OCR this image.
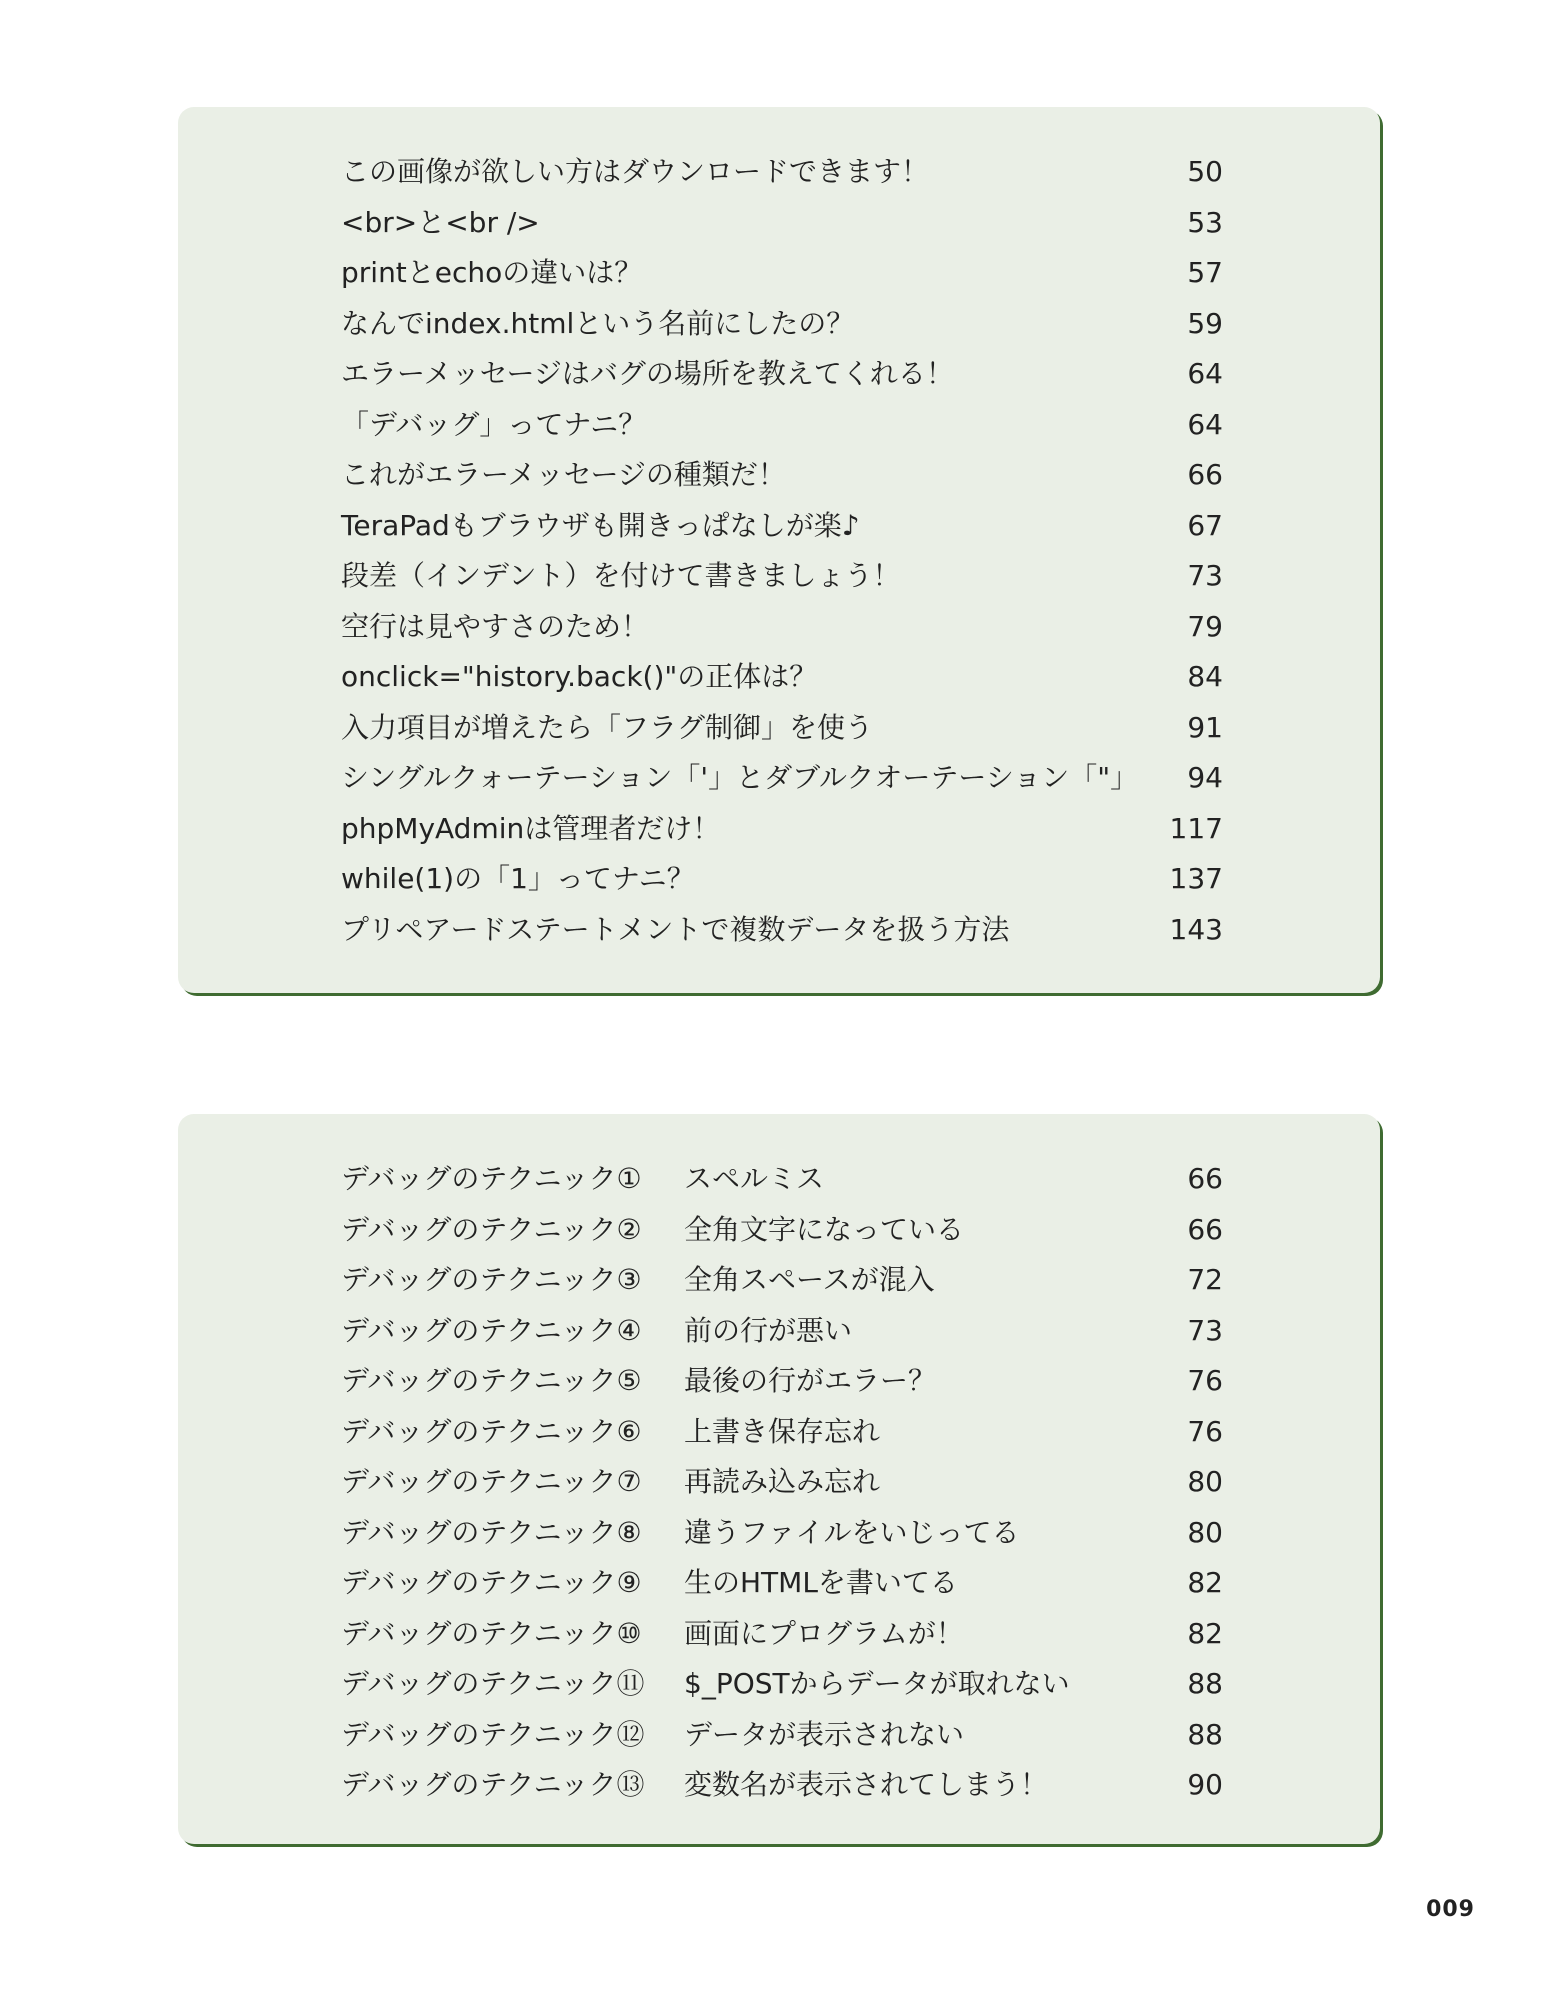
この画像が欲しい方はダウンロードできます！	50
<br>と<br />	53
printとechoの違いは？	57
なんでindex.htmlという名前にしたの？	59
エラーメッセージはバグの場所を教えてくれる！	64
「デバッグ」ってナニ？	64
これがエラーメッセージの種類だ！	66
TeraPadもブラウザも開きっぱなしが楽♪	67
段差（インデント）を付けて書きましょう！	73
空行は見やすさのため！	79
onclick="history.back()"の正体は？	84
入力項目が増えたら「フラグ制御」を使う	91
シングルクォーテーション「'」とダブルクオーテーション「"」 94
phpMyAdminは管理者だけ！	117
while(1)の「1」ってナニ？	137
プリペアードステートメントで複数データを扱う方法	143
デバッグのテクニック① スペルミス	66
デバッグのテクニック② 全角文字になっている	66
デバッグのテクニック③ 全角スペースが混入	72
デバッグのテクニック④ 前の行が悪い	73
デバッグのテクニック⑤ 最後の行がエラー？	76
デバッグのテクニック⑥ 上書き保存忘れ	76
デバッグのテクニック⑦ 再読み込み忘れ	80
デバッグのテクニック⑧ 違うファイルをいじってる	80
デバッグのテクニック⑨ 生のHTMLを書いてる	82
デバッグのテクニック⑩ 画面にプログラムが！	82
デバッグのテクニック⑪ $_POSTからデータが取れない	88
デバッグのテクニック⑫ データが表示されない	88
デバッグのテクニック⑬ 変数名が表示されてしまう！	90
009
